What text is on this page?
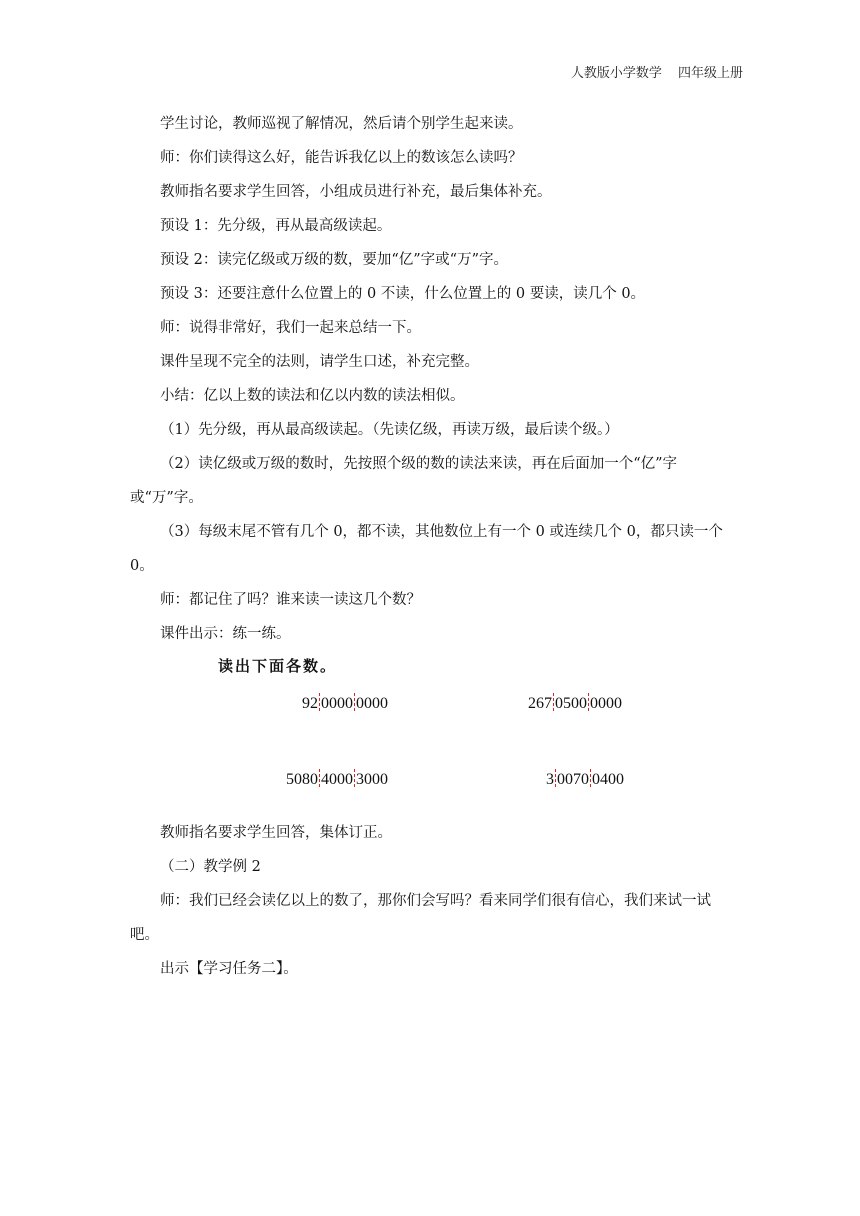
人教版小学数学 四年级上册

学生讨论，教师巡视了解情况，然后请个别学生起来读。

师：你们读得这么好，能告诉我亿以上的数该怎么读吗？

教师指名要求学生回答，小组成员进行补充，最后集体补充。

预设 1：先分级，再从最高级读起。

预设 2：读完亿级或万级的数，要加“亿”字或“万”字。

预设 3：还要注意什么位置上的 0 不读，什么位置上的 0 要读，读几个 0。

师：说得非常好，我们一起来总结一下。

课件呈现不完全的法则，请学生口述，补充完整。

小结：亿以上数的读法和亿以内数的读法相似。

（1）先分级，再从最高级读起。（先读亿级，再读万级，最后读个级。）

（2）读亿级或万级的数时，先按照个级的数的读法来读，再在后面加一个“亿”字或“万”字。

（3）每级末尾不管有几个 0，都不读，其他数位上有一个 0 或连续几个 0，都只读一个 0。

师：都记住了吗？谁来读一读这几个数？

课件出示：练一练。

读出下面各数。
92 0000 0000	267 0500 0000
5080 4000 3000	3 0070 0400

教师指名要求学生回答，集体订正。

（二）教学例 2

师：我们已经会读亿以上的数了，那你们会写吗？看来同学们很有信心，我们来试一试吧。

出示【学习任务二】。
